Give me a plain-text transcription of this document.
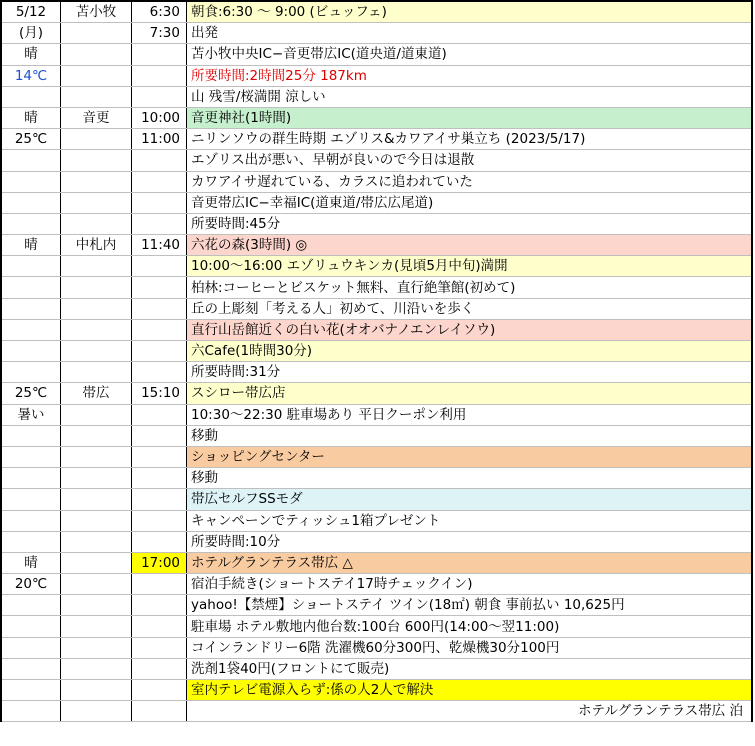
5/12	苫小牧	6:30	朝食:6:30 〜 9:00 (ビュッフェ)
(月)		7:30	出発
晴			苫小牧中央IC−音更帯広IC(道央道/道東道)
14℃			所要時間:2時間25分 187km
			山 残雪/桜満開 涼しい
晴	音更	10:00	音更神社(1時間)
25℃		11:00	ニリンソウの群生時期 エゾリス&カワアイサ巣立ち (2023/5/17)
			エゾリス出が悪い、早朝が良いので今日は退散
			カワアイサ遅れている、カラスに追われていた
			音更帯広IC−幸福IC(道東道/帯広広尾道)
			所要時間:45分
晴	中札内	11:40	六花の森(3時間) ◎
			10:00〜16:00 エゾリュウキンカ(見頃5月中旬)満開
			柏林:コーヒーとビスケット無料、直行絶筆館(初めて)
			丘の上彫刻「考える人」初めて、川沿いを歩く
			直行山岳館近くの白い花(オオバナノエンレイソウ)
			六Cafe(1時間30分)
			所要時間:31分
25℃	帯広	15:10	スシロー帯広店
暑い			10:30〜22:30 駐車場あり 平日クーポン利用
			移動
			ショッピングセンター
			移動
			帯広セルフSSモダ
			キャンペーンでティッシュ1箱プレゼント
			所要時間:10分
晴		17:00	ホテルグランテラス帯広 △
20℃			宿泊手続き(ショートステイ17時チェックイン)
			yahoo!【禁煙】ショートステイ ツイン(18㎡) 朝食 事前払い 10,625円
			駐車場 ホテル敷地内他台数:100台 600円(14:00〜翌11:00)
			コインランドリー6階 洗濯機60分300円、乾燥機30分100円
			洗剤1袋40円(フロントにて販売)
			室内テレビ電源入らず:係の人2人で解決
			ホテルグランテラス帯広 泊
